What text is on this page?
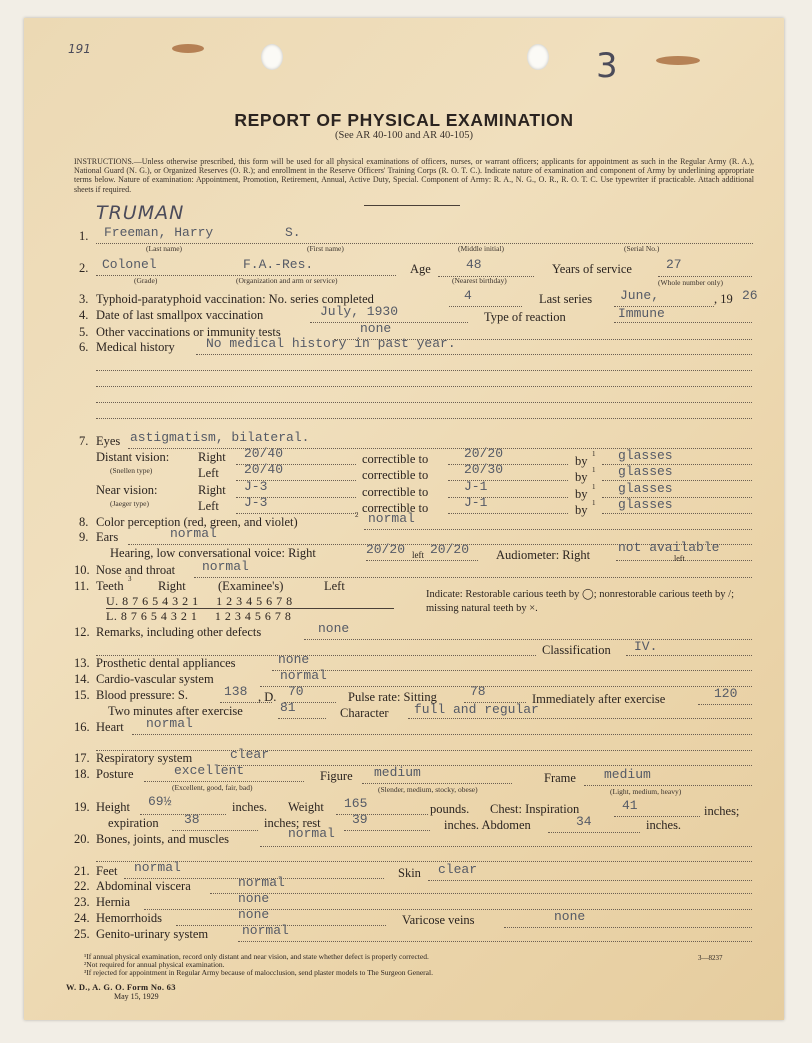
191	3
REPORT OF PHYSICAL EXAMINATION
(See AR 40-100 and AR 40-105)
INSTRUCTIONS.—Unless otherwise prescribed, this form will be used for all physical examinations of officers, nurses, or warrant officers; applicants for appointment as such in the Regular Army (R. A.), National Guard (N. G.), or Organized Reserves (O. R.); and enrollment in the Reserve Officers' Training Corps (R. O. T. C.). Indicate nature of examination and component of Army by underlining appropriate terms below. Nature of examination: Appointment, Promotion, Retirement, Annual, Active Duty, Special. Component of Army: R. A., N. G., O. R., R. O. T. C. Use typewriter if practicable. Attach additional sheets if required.
TRUMAN
1. Freeman, Harry	S.
(Last name)	(First name)	(Middle initial)	(Serial No.)
2. Colonel	F.A.-Res.	Age	48	Years of service	27
(Grade)	(Organization and arm or service)	(Nearest birthday)	(Whole number only)
3. Typhoid-paratyphoid vaccination: No. series completed	4	Last series June,	, 19 26
4. Date of last smallpox vaccination	July, 1930	Type of reaction	Immune
5. Other vaccinations or immunity tests	none
6. Medical history No medical history in past year.
7. Eyes astigmatism, bilateral.
Distant vision: Right 20/40	correctible to	20/20	by 1 glasses
(Snellen type)	Left 20/40	correctible to	20/30	by 1 glasses
Near vision:	Right J-3	correctible to	J-1	by 1 glasses
(Jaeger type)	Left J-3	correctible to	J-1	by 1 glasses
8. Color perception (red, green, and violet)	2 normal
9. Ears	normal
Hearing, low conversational voice: Right	20/20 left 20/20 Audiometer: Right not available
left
10. Nose and throat normal
11. Teeth 3 Right	(Examinee's)	Left
U. 8 7 6 5 4 3 2 1     1 2 3 4 5 6 7 8
L. 8 7 6 5 4 3 2 1     1 2 3 4 5 6 7 8
Indicate: Restorable carious teeth by ◯; nonrestorable carious teeth by /; missing natural teeth by ×.
12. Remarks, including other defects	none
Classification IV.
13. Prosthetic dental appliances	none
14. Cardio-vascular system	normal
15. Blood pressure: S.	138 , D. 70	Pulse rate: Sitting	78	Immediately after exercise	120
Two minutes after exercise	81	Character full and regular
16. Heart normal
17. Respiratory system	clear
18. Posture	excellent	Figure medium	Frame medium
(Excellent, good, fair, bad)	(Slender, medium, stocky, obese)	(Light, medium, heavy)
19. Height 69½	inches. Weight 165	pounds. Chest: Inspiration	41	inches;
expiration 38	inches; rest 39	inches. Abdomen	34	inches.
20. Bones, joints, and muscles	normal
21. Feet normal	Skin clear
22. Abdominal viscera	normal
23. Hernia	none
24. Hemorrhoids	none	Varicose veins	none
25. Genito-urinary system	normal
¹If annual physical examination, record only distant and near vision, and state whether defect is properly corrected.
²Not required for annual physical examination.
³If rejected for appointment in Regular Army because of malocclusion, send plaster models to The Surgeon General.
3—8237
W. D., A. G. O. Form No. 63
May 15, 1929
